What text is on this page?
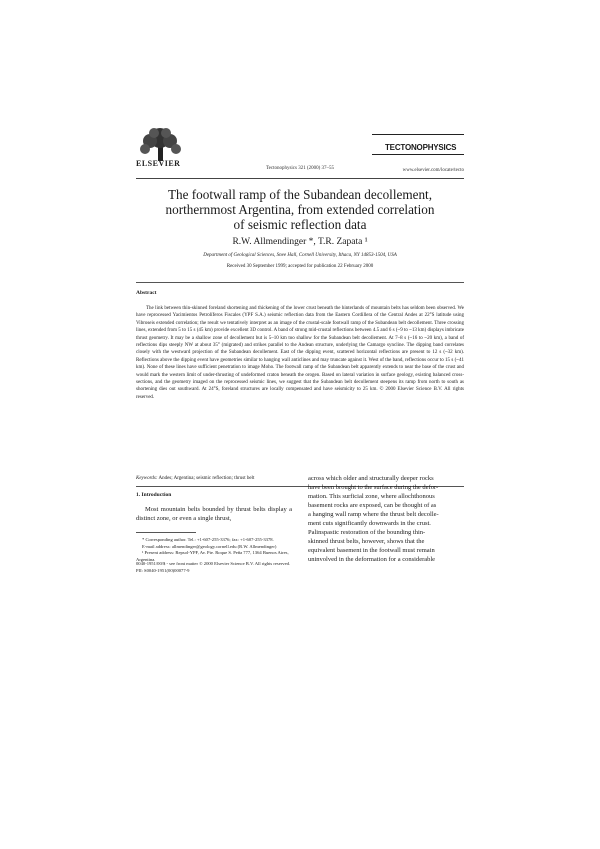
ELSEVIER
Tectonophysics 321 (2000) 37–55
TECTONOPHYSICS
www.elsevier.com/locate/tecto
The footwall ramp of the Subandean decollement,
northernmost Argentina, from extended correlation
of seismic reflection data
R.W. Allmendinger *, T.R. Zapata ¹
Department of Geological Sciences, Snee Hall, Cornell University, Ithaca, NY 14853-1504, USA
Received 30 September 1999; accepted for publication 22 February 2000
Abstract
The link between thin-skinned foreland shortening and thickening of the lower crust beneath the hinterlands of mountain belts has seldom been observed. We have reprocessed Yacimientos Petrolíferos Fiscales (YPF S.A.) seismic reflection data from the Eastern Cordillera of the Central Andes at 22°S latitude using Vibroseis extended correlation; the result we tentatively interpret as an image of the crustal-scale footwall ramp of the Subandean belt decollement. Three crossing lines, extended from 5 to 15 s (45 km) provide excellent 3D control. A band of strong mid-crustal reflections between 4.5 and 6 s (~9 to ~13 km) displays imbricate thrust geometry. It may be a shallow zone of decollement but is 5–10 km too shallow for the Subandean belt decollement. At 7–8 s (~16 to ~20 km), a band of reflections dips steeply NW at about 35° (migrated) and strikes parallel to the Andean structure, underlying the Camargo syncline. The dipping band correlates closely with the westward projection of the Subandean decollement. East of the dipping event, scattered horizontal reflections are present to 12 s (~32 km). Reflections above the dipping event have geometries similar to hanging wall anticlines and may truncate against it. West of the band, reflections occur to 15 s (~41 km). None of these lines have sufficient penetration to image Moho. The footwall ramp of the Subandean belt apparently extends to near the base of the crust and would mark the western limit of under-thrusting of undeformed craton beneath the orogen. Based on lateral variation in surface geology, existing balanced cross-sections, and the geometry imaged on the reprocessed seismic lines, we suggest that the Subandean belt decollement steepens its ramp from north to south as shortening dies out southward. At 24°S, foreland structures are locally compensated and have seismicity to 25 km. © 2000 Elsevier Science B.V. All rights reserved.
Keywords: Andes; Argentina; seismic reflection; thrust belt
1. Introduction
Most mountain belts bounded by thrust belts display a distinct zone, or even a single thrust,
* Corresponding author. Tel.: +1-607-255-3376; fax: +1-607-255-3378.
E-mail address: allmendinger@geology.cornell.edu (R.W. Allmendinger)
¹ Present address: Repsol-YPF, Av. Pte. Roque S. Peña 777, 1364 Buenos Aires, Argentina.
across which older and structurally deeper rocks
have been brought to the surface during the defor-
mation. This surficial zone, where allochthonous
basement rocks are exposed, can be thought of as
a hanging wall ramp where the thrust belt decolle-
ment cuts significantly downwards in the crust.
Palinspastic restoration of the bounding thin-
skinned thrust belts, however, shows that the
equivalent basement in the footwall must remain
uninvolved in the deformation for a considerable
0040-1951/00/$ - see front matter © 2000 Elsevier Science B.V. All rights reserved.
PII: S0040-1951(00)00077-9
